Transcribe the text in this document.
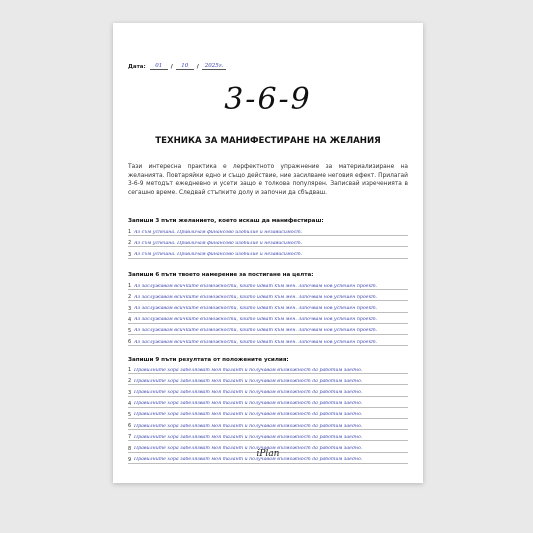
Дата:	01	/	10	/	2025г.
3-6-9
ТЕХНИКА ЗА МАНИФЕСТИРАНЕ НА ЖЕЛАНИЯ
Тази интересна практика е лерфектното упражнение за материализиране на желанията. Повтаряйки едно и също действие, ние засилваме неговия ефект. Прилагай 3-6-9 методът ежедневно и усети защо е толкова популярен. Записвай изреченията в сегашно време. Следвай стъпките долу и започни да сбъдваш.
Запиши 3 пъти желанието, което искаш да манифестираш:
1 Аз съм успешна. Привличам финансово изобилие и независимост.
2 Аз съм успешна. Привличам финансово изобилие и независимост.
3 Аз съм успешна. Привличам финансово изобилие и независимост.
Запиши 6 пъти твоето намерение за постигане на целта:
1 Аз заслужавам всичките възможности, които идват към мен. Започвам нов успешен проект.
2 Аз заслужавам всичките възможности, които идват към мен. Започвам нов успешен проект.
3 Аз заслужавам всичките възможности, които идват към мен. Започвам нов успешен проект.
4 Аз заслужавам всичките възможности, които идват към мен. Започвам нов успешен проект.
5 Аз заслужавам всичките възможности, които идват към мен. Започвам нов успешен проект.
6 Аз заслужавам всичките възможности, които идват към мен. Започвам нов успешен проект.
Запиши 9 пъти резултата от положените усилия:
1 Правилните хора забелязват моя талант и получавам възможност да работим заедно.
2 Правилните хора забелязват моя талант и получавам възможност да работим заедно.
3 Правилните хора забелязват моя талант и получавам възможност да работим заедно.
4 Правилните хора забелязват моя талант и получавам възможност да работим заедно.
5 Правилните хора забелязват моя талант и получавам възможност да работим заедно.
6 Правилните хора забелязват моя талант и получавам възможност да работим заедно.
7 Правилните хора забелязват моя талант и получавам възможност да работим заедно.
8 Правилните хора забелязват моя талант и получавам възможност да работим заедно.
9 Правилните хора забелязват моя талант и получавам възможност да работим заедно.
iPlan
